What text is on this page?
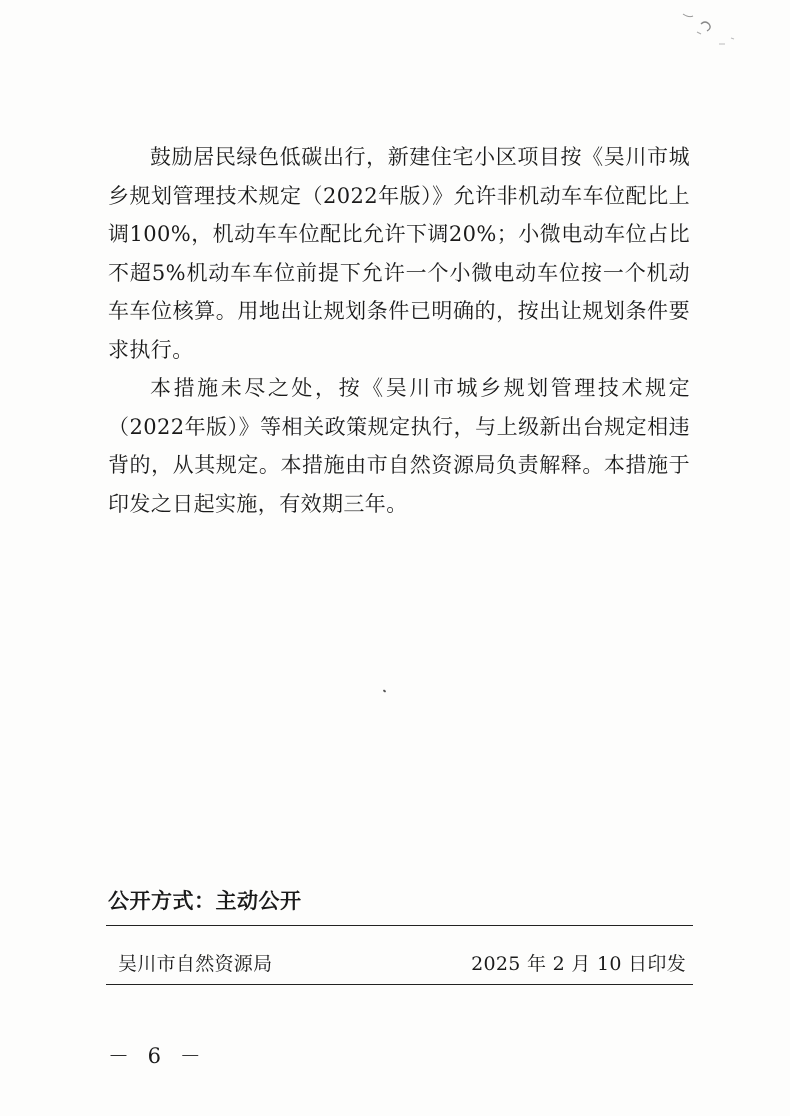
鼓励居民绿色低碳出行，新建住宅小区项目按《吴川市城乡规划管理技术规定（2022年版）》允许非机动车车位配比上调100%，机动车车位配比允许下调20%；小微电动车位占比不超5%机动车车位前提下允许一个小微电动车位按一个机动车车位核算。用地出让规划条件已明确的，按出让规划条件要求执行。

本措施未尽之处，按《吴川市城乡规划管理技术规定（2022年版）》等相关政策规定执行，与上级新出台规定相违背的，从其规定。本措施由市自然资源局负责解释。本措施于印发之日起实施，有效期三年。

公开方式：主动公开
吴川市自然资源局	2025 年 2 月 10 日印发
－ 6 －
